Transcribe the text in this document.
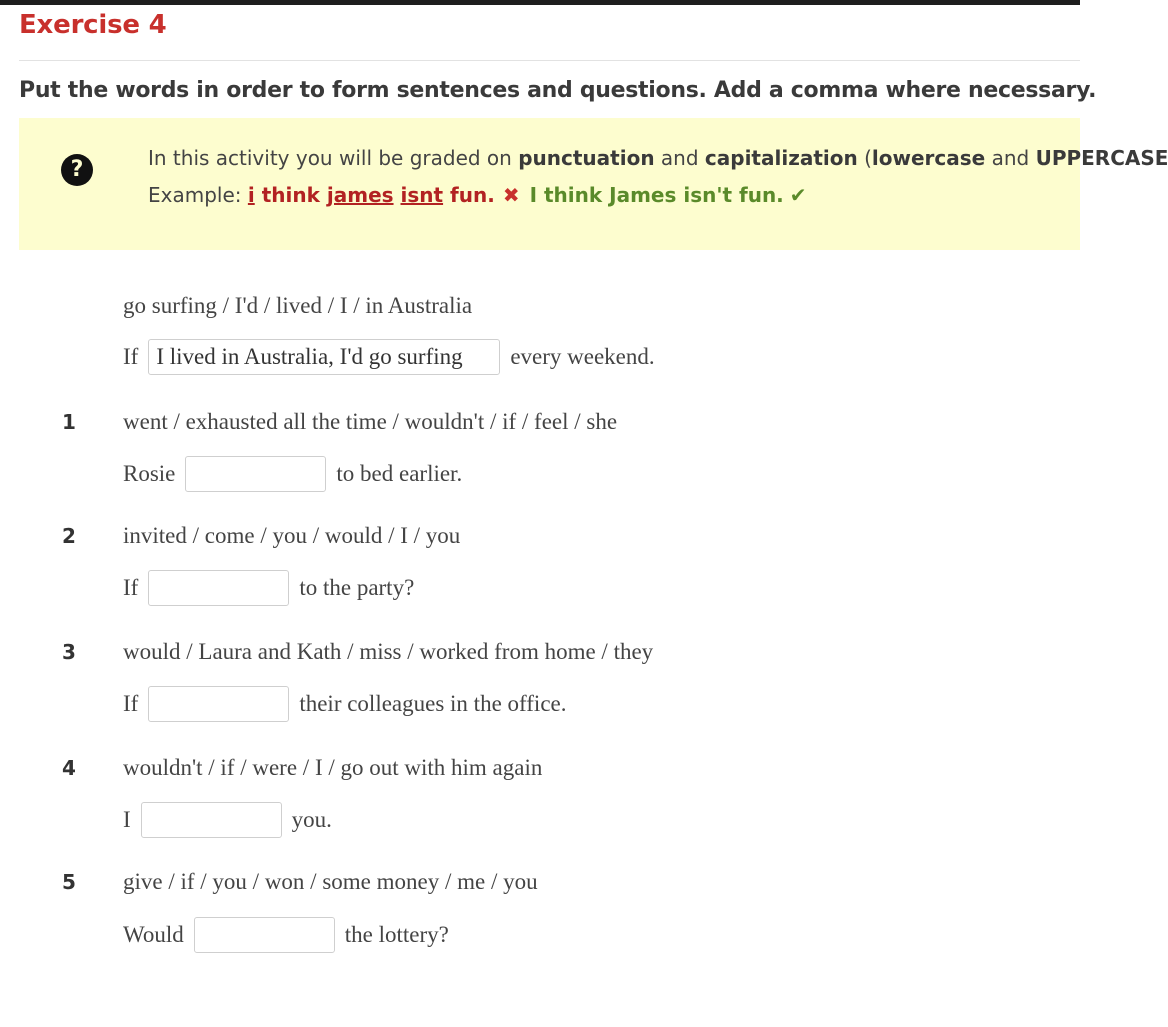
Exercise 4
Put the words in order to form sentences and questions. Add a comma where necessary.
?	In this activity you will be graded on punctuation and capitalization (lowercase and UPPERCASE
Example: i think james isnt fun. ✖ I think James isn't fun. ✔
go surfing / I'd / lived / I / in Australia
If I lived in Australia, I'd go surfing	every weekend.
1 went / exhausted all the time / wouldn't / if / feel / she
Rosie	to bed earlier.
2 invited / come / you / would / I / you
If	to the party?
3 would / Laura and Kath / miss / worked from home / they
If	their colleagues in the office.
4 wouldn't / if / were / I / go out with him again
I	you.
5 give / if / you / won / some money / me / you
Would	the lottery?
